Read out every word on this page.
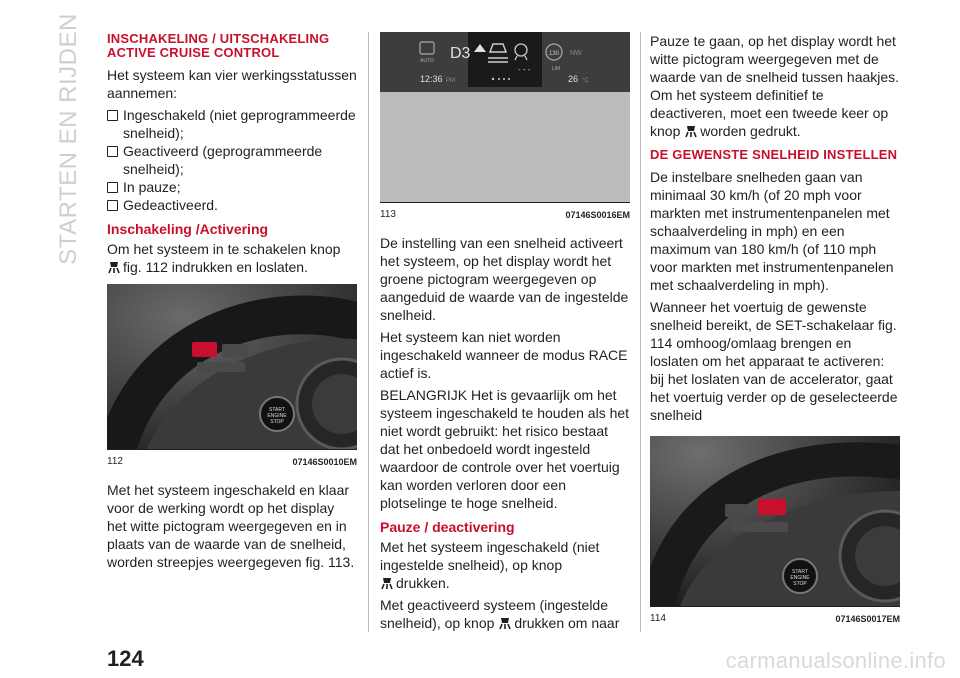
STARTEN EN RIJDEN INSCHAKELING / UITSCHAKELING ACTIVE CRUISE CONTROL

Het systeem kan vier werkingsstatussen aannemen:

Ingeschakeld (niet geprogrammeerde snelheid);
Geactiveerd (geprogrammeerde snelheid);
In pauze;
Gedeactiveerd.
Inschakeling /Activering

Om het systeem in te schakelen knop
fig. 112 indrukken en loslaten.

START
ENGINE
STOP
112	07146S0010EM

Met het systeem ingeschakeld en klaar voor de werking wordt op het display het witte pictogram weergegeven en in plaats van de waarde van de snelheid, worden streepjes weergegeven fig. 113.

AUTO D3
- - -
130
LIM
NW
12:36 PM	26 °C
113	07146S0016EM

De instelling van een snelheid activeert het systeem, op het display wordt het groene pictogram weergegeven op aangeduid de waarde van de ingestelde snelheid.

Het systeem kan niet worden ingeschakeld wanneer de modus RACE actief is.

BELANGRIJK Het is gevaarlijk om het systeem ingeschakeld te houden als het niet wordt gebruikt: het risico bestaat dat het onbedoeld wordt ingesteld waardoor de controle over het voertuig kan worden verloren door een plotselinge te hoge snelheid.

Pauze / deactivering

Met het systeem ingeschakeld (niet ingestelde snelheid), op knop
drukken.

Met geactiveerd systeem (ingestelde snelheid), op knop drukken om naar

Pauze te gaan, op het display wordt het witte pictogram weergegeven met de waarde van de snelheid tussen haakjes. Om het systeem definitief te deactiveren, moet een tweede keer op knop worden gedrukt.

DE GEWENSTE SNELHEID INSTELLEN

De instelbare snelheden gaan van minimaal 30 km/h (of 20 mph voor markten met instrumentenpanelen met schaalverdeling in mph) en een maximum van 180 km/h (of 110 mph voor markten met instrumentenpanelen met schaalverdeling in mph).

Wanneer het voertuig de gewenste snelheid bereikt, de SET-schakelaar fig. 114 omhoog/omlaag brengen en loslaten om het apparaat te activeren: bij het loslaten van de accelerator, gaat het voertuig verder op de geselecteerde snelheid

START
ENGINE
STOP
114	07146S0017EM
124	carmanualsonline.info
